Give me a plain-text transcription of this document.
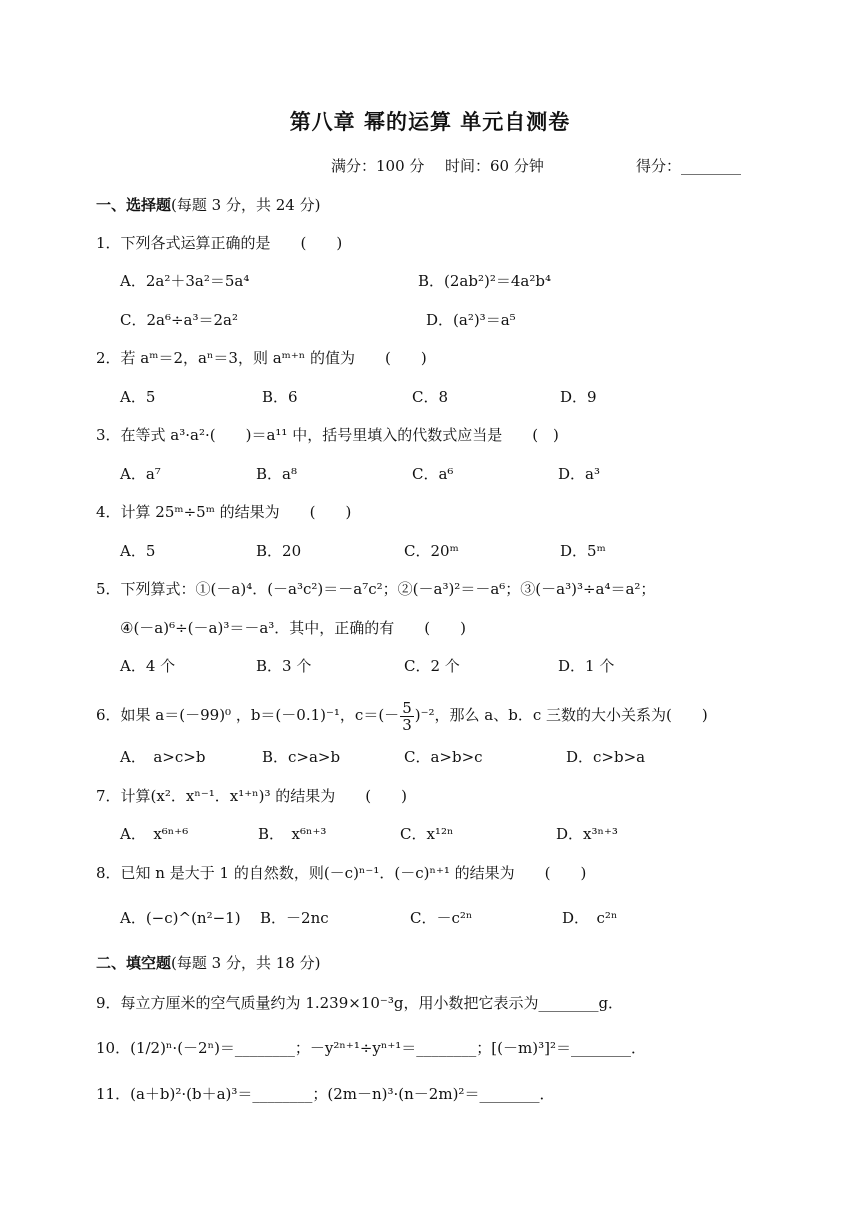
第八章 幂的运算 单元自测卷
满分：100 分 时间：60 分钟	得分：________
一、选择题(每题 3 分，共 24 分)
1．下列各式运算正确的是　　(　　)
A．2a²＋3a²＝5a⁴	B．(2ab²)²＝4a²b⁴
C．2a⁶÷a³＝2a²	D．(a²)³＝a⁵
2．若 aᵐ＝2，aⁿ＝3，则 aᵐ⁺ⁿ 的值为　　(　　)
A．5	B．6	C．8	D．9
3．在等式 a³·a²·(　　)＝a¹¹ 中，括号里填入的代数式应当是　　(　)
A．a⁷	B．a⁸	C．a⁶	D．a³
4．计算 25ᵐ÷5ᵐ 的结果为　　(　　)
A．5	B．20	C．20ᵐ	D．5ᵐ
5．下列算式：①(－a)⁴．(－a³c²)＝－a⁷c²；②(－a³)²＝－a⁶；③(－a³)³÷a⁴＝a²；
④(－a)⁶÷(－a)³＝－a³．其中，正确的有　　(　　)
A．4 个	B．3 个	C．2 个	D．1 个
6．如果 a＝(－99)⁰ ，b＝(－0.1)⁻¹，$c=(- \frac{5}{3} )^{-2}$，那么 a、b．c 三数的大小关系为(　　)
A．　a>c>b	B．c>a>b	C．a>b>c	D．c>b>a
7．计算(x²．xⁿ⁻¹．x¹⁺ⁿ)³ 的结果为　　(　　)
A．　x⁶ⁿ⁺⁶	B．　x⁶ⁿ⁺³	C．x¹²ⁿ	D．x³ⁿ⁺³
8．已知 n 是大于 1 的自然数，则(－c)ⁿ⁻¹．(－c)ⁿ⁺¹ 的结果为　　(　　)
A．(−c)^(n²−1) B．－2nc	C．－c²ⁿ	D．　c²ⁿ
二、填空题(每题 3 分，共 18 分)
9．每立方厘米的空气质量约为 1.239×10⁻³g，用小数把它表示为________g．
10．(1/2)ⁿ·(－2ⁿ)＝________；－y²ⁿ⁺¹÷yⁿ⁺¹＝________；[(－m)³]²＝________．
11．(a＋b)²·(b＋a)³＝________；(2m－n)³·(n－2m)²＝________．
